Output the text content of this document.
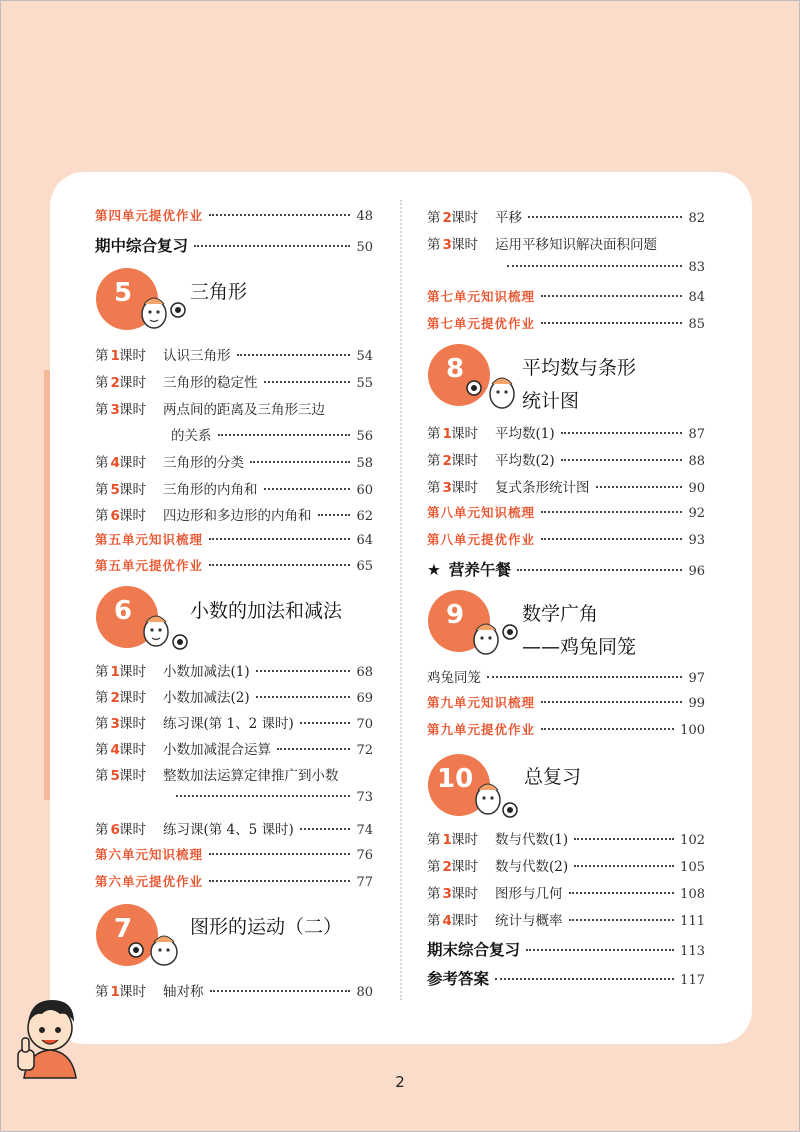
第四单元提优作业	48
期中综合复习	50
5	三角形
第 1 课时	认识三角形	54
第 2 课时	三角形的稳定性	55
第 3 课时	两点间的距离及三角形三边
的关系	56
第 4 课时	三角形的分类	58
第 5 课时	三角形的内角和	60
第 6 课时	四边形和多边形的内角和	62
第五单元知识梳理	64
第五单元提优作业	65
6	小数的加法和减法
第 1 课时	小数加减法(1)	68
第 2 课时	小数加减法(2)	69
第 3 课时	练习课(第 1、2 课时)	70
第 4 课时	小数加减混合运算	72
第 5 课时	整数加法运算定律推广到小数
73
第 6 课时	练习课(第 4、5 课时)	74
第六单元知识梳理	76
第六单元提优作业	77
7	图形的运动（二）
第 1 课时	轴对称	80
第 2 课时	平移	82
第 3 课时	运用平移知识解决面积问题
83
第七单元知识梳理	84
第七单元提优作业	85
8	平均数与条形
统计图
第 1 课时	平均数(1)	87
第 2 课时	平均数(2)	88
第 3 课时	复式条形统计图	90
第八单元知识梳理	92
第八单元提优作业	93
★ 营养午餐	96
9	数学广角
——鸡兔同笼
鸡兔同笼	97
第九单元知识梳理	99
第九单元提优作业	100
10	总复习
第 1 课时	数与代数(1)	102
第 2 课时	数与代数(2)	105
第 3 课时	图形与几何	108
第 4 课时	统计与概率	111
期末综合复习	113
参考答案	117
2
